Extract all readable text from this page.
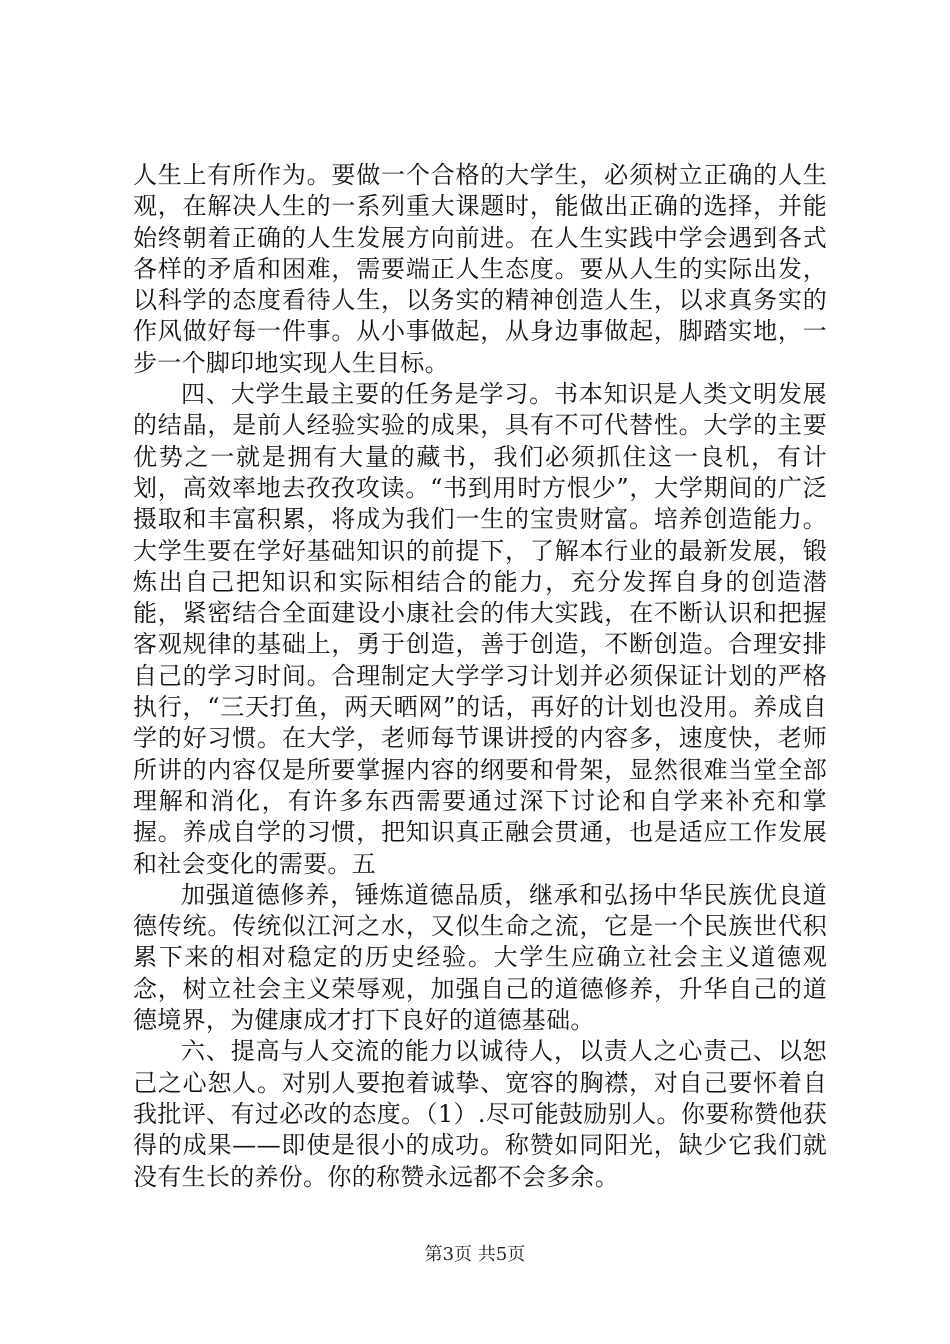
人生上有所作为。要做一个合格的大学生，必须树立正确的人生观，在解决人生的一系列重大课题时，能做出正确的选择，并能始终朝着正确的人生发展方向前进。在人生实践中学会遇到各式各样的矛盾和困难，需要端正人生态度。要从人生的实际出发，以科学的态度看待人生，以务实的精神创造人生，以求真务实的作风做好每一件事。从小事做起，从身边事做起，脚踏实地，一步一个脚印地实现人生目标。

四、大学生最主要的任务是学习。书本知识是人类文明发展的结晶，是前人经验实验的成果，具有不可代替性。大学的主要优势之一就是拥有大量的藏书，我们必须抓住这一良机，有计划，高效率地去孜孜攻读。“书到用时方恨少”，大学期间的广泛摄取和丰富积累，将成为我们一生的宝贵财富。培养创造能力。大学生要在学好基础知识的前提下，了解本行业的最新发展，锻炼出自己把知识和实际相结合的能力，充分发挥自身的创造潜能，紧密结合全面建设小康社会的伟大实践，在不断认识和把握客观规律的基础上，勇于创造，善于创造，不断创造。合理安排自己的学习时间。合理制定大学学习计划并必须保证计划的严格执行，“三天打鱼，两天晒网”的话，再好的计划也没用。养成自学的好习惯。在大学，老师每节课讲授的内容多，速度快，老师所讲的内容仅是所要掌握内容的纲要和骨架，显然很难当堂全部理解和消化，有许多东西需要通过深下讨论和自学来补充和掌握。养成自学的习惯，把知识真正融会贯通，也是适应工作发展和社会变化的需要。五

加强道德修养，锤炼道德品质，继承和弘扬中华民族优良道德传统。传统似江河之水，又似生命之流，它是一个民族世代积累下来的相对稳定的历史经验。大学生应确立社会主义道德观念，树立社会主义荣辱观，加强自己的道德修养，升华自己的道德境界，为健康成才打下良好的道德基础。

六、提高与人交流的能力以诚待人，以责人之心责己、以恕己之心恕人。对别人要抱着诚挚、宽容的胸襟，对自己要怀着自我批评、有过必改的态度。（1）.尽可能鼓励别人。你要称赞他获得的成果——即使是很小的成功。称赞如同阳光，缺少它我们就没有生长的养份。你的称赞永远都不会多余。

第3页 共5页
